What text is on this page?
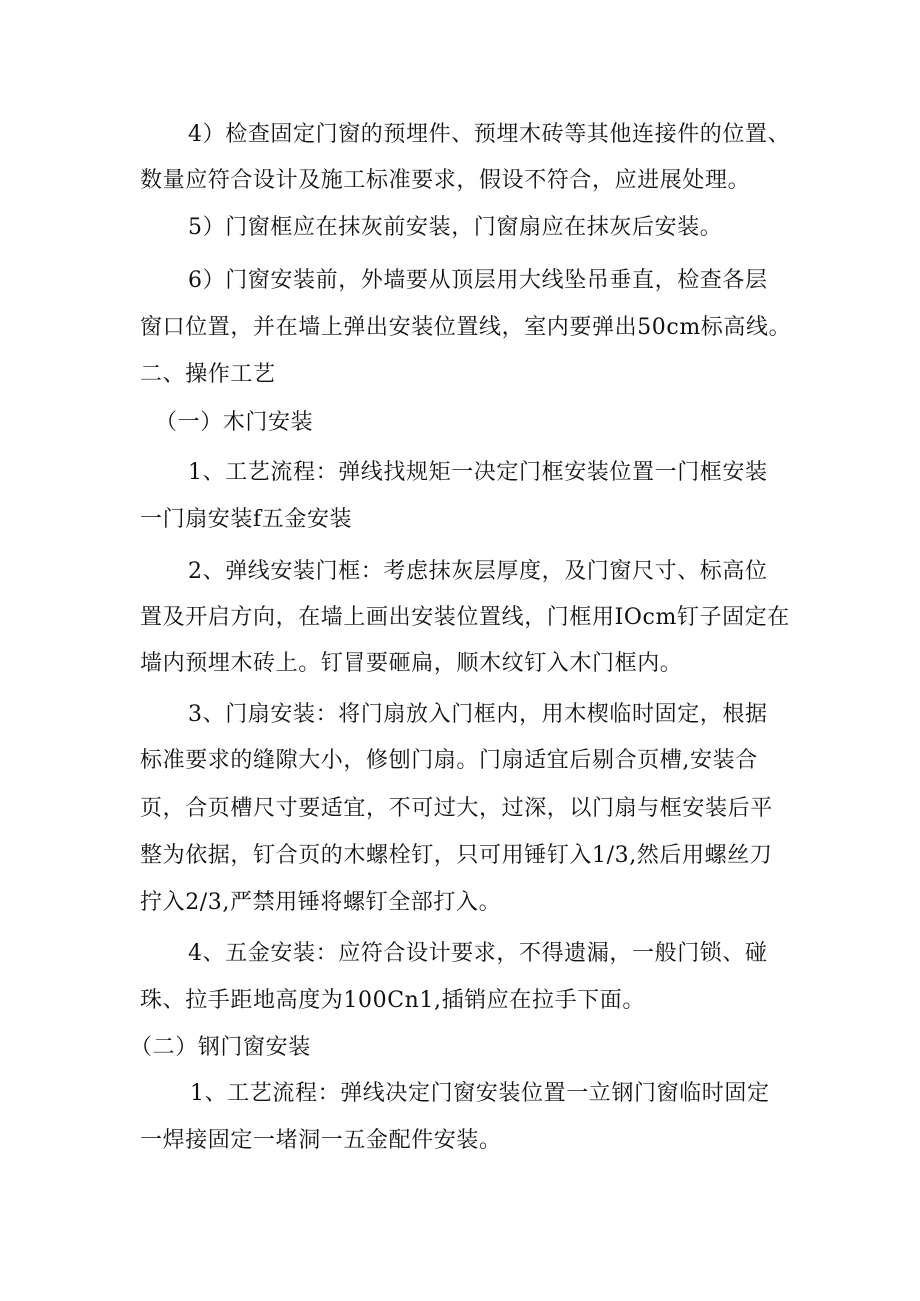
4）检查固定门窗的预埋件、预埋木砖等其他连接件的位置、
数量应符合设计及施工标准要求，假设不符合，应进展处理。
5）门窗框应在抹灰前安装，门窗扇应在抹灰后安装。
6）门窗安装前，外墙要从顶层用大线坠吊垂直，检查各层
窗口位置，并在墙上弹出安装位置线，室内要弹出50cm标高线。
二、操作工艺
（一）木门安装
1、工艺流程：弹线找规矩一决定门框安装位置一门框安装
一门扇安装f五金安装
2、弹线安装门框：考虑抹灰层厚度，及门窗尺寸、标高位
置及开启方向，在墙上画出安装位置线，门框用IOcm钉子固定在
墙内预埋木砖上。钉冒要砸扁，顺木纹钉入木门框内。
3、门扇安装：将门扇放入门框内，用木楔临时固定，根据
标准要求的缝隙大小，修刨门扇。门扇适宜后剔合页槽,安装合
页，合页槽尺寸要适宜，不可过大，过深，以门扇与框安装后平
整为依据，钉合页的木螺栓钉，只可用锤钉入1/3,然后用螺丝刀
拧入2/3,严禁用锤将螺钉全部打入。
4、五金安装：应符合设计要求，不得遗漏，一般门锁、碰
珠、拉手距地高度为100Cn1,插销应在拉手下面。
（二）钢门窗安装
1、工艺流程：弹线决定门窗安装位置一立钢门窗临时固定
一焊接固定一堵洞一五金配件安装。
